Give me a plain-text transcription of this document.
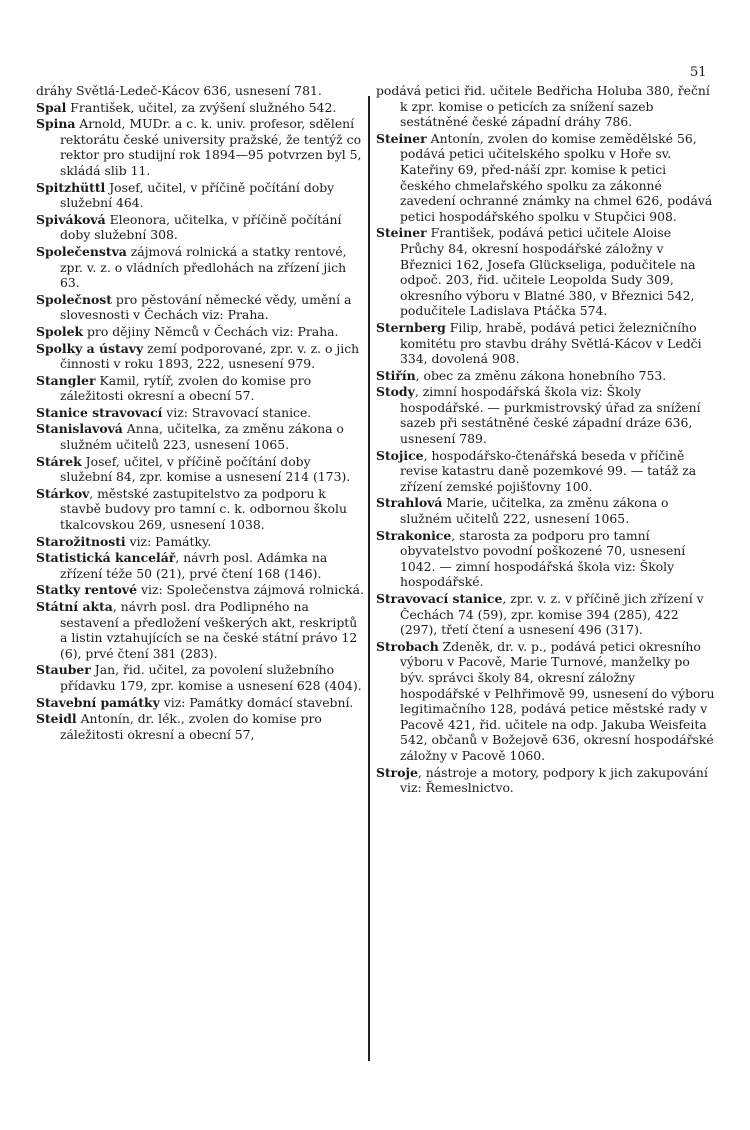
51

dráhy Světlá-Ledeč-Kácov 636, usnesení 781.

Spal František, učitel, za zvýšení služného 542.

Spina Arnold, MUDr. a c. k. univ. profesor, sdělení rektorátu české university pražské, že tentýž co rektor pro studijní rok 1894—95 potvrzen byl 5, skládá slib 11.

Spitzhüttl Josef, učitel, v příčině počítání doby služební 464.

Spiváková Eleonora, učitelka, v příčině počítání doby služební 308.

Společenstva zájmová rolnická a statky rentové, zpr. v. z. o vládních předlohách na zřízení jich 63.

Společnost pro pěstování německé vědy, umění a slovesnosti v Čechách viz: Praha.

Spolek pro dějiny Němců v Čechách viz: Praha.

Spolky a ústavy zemí podporované, zpr. v. z. o jich činnosti v roku 1893, 222, usnesení 979.

Stangler Kamil, rytíř, zvolen do komise pro záležitosti okresní a obecní 57.

Stanice stravovací viz: Stravovací stanice.

Stanislavová Anna, učitelka, za změnu zákona o služném učitelů 223, usnesení 1065.

Stárek Josef, učitel, v příčině počítání doby služební 84, zpr. komise a usnesení 214 (173).

Stárkov, městské zastupitelstvo za podporu k stavbě budovy pro tamní c. k. odbornou školu tkalcovskou 269, usnesení 1038.

Starožitnosti viz: Památky.

Statistická kancelář, návrh posl. Adámka na zřízení téže 50 (21), prvé čtení 168 (146).

Statky rentové viz: Společenstva zájmová rolnická.

Státní akta, návrh posl. dra Podlipného na sestavení a předložení veškerých akt, reskriptů a listin vztahujících se na české státní právo 12 (6), prvé čtení 381 (283).

Stauber Jan, řid. učitel, za povolení služebního přídavku 179, zpr. komise a usnesení 628 (404).

Stavební památky viz: Památky domácí stavební.

Steidl Antonín, dr. lék., zvolen do komise pro záležitosti okresní a obecní 57,

podává petici řid. učitele Bedřicha Holuba 380, řeční k zpr. komise o peticích za snížení sazeb sestátněné české západní dráhy 786.

Steiner Antonín, zvolen do komise zemědělské 56, podává petici učitelského spolku v Hoře sv. Kateřiny 69, před-náší zpr. komise k petici českého chmelařského spolku za zákonné zavedení ochranné známky na chmel 626, podává petici hospodářského spolku v Stupčici 908.

Steiner František, podává petici učitele Aloise Průchy 84, okresní hospodářské záložny v Březnici 162, Josefa Glückseliga, podučitele na odpoč. 203, řid. učitele Leopolda Sudy 309, okresního výboru v Blatné 380, v Březnici 542, podučitele Ladislava Ptáčka 574.

Sternberg Filip, hrabě, podává petici železničního komitétu pro stavbu dráhy Světlá-Kácov v Ledči 334, dovolená 908.

Stiřín, obec za změnu zákona honebního 753.

Stody, zimní hospodářská škola viz: Školy hospodářské. — purkmistrovský úřad za snížení sazeb při sestátněné české západní dráze 636, usnesení 789.

Stojice, hospodářsko-čtenářská beseda v příčině revise katastru daně pozemkové 99. — tatáž za zřízení zemské pojišťovny 100.

Strahlová Marie, učitelka, za změnu zákona o služném učitelů 222, usnesení 1065.

Strakonice, starosta za podporu pro tamní obyvatelstvo povodní poškozené 70, usnesení 1042. — zimní hospodářská škola viz: Školy hospodářské.

Stravovací stanice, zpr. v. z. v příčině jich zřízení v Čechách 74 (59), zpr. komise 394 (285), 422 (297), třetí čtení a usnesení 496 (317).

Strobach Zdeněk, dr. v. p., podává petici okresního výboru v Pacově, Marie Turnové, manželky po býv. správci školy 84, okresní záložny hospodářské v Pelhřimově 99, usnesení do výboru legitimačního 128, podává petice městské rady v Pacově 421, řid. učitele na odp. Jakuba Weisfeita 542, občanů v Božejově 636, okresní hospodářské záložny v Pacově 1060.

Stroje, nástroje a motory, podpory k jich zakupování viz: Řemeslnictvo.
